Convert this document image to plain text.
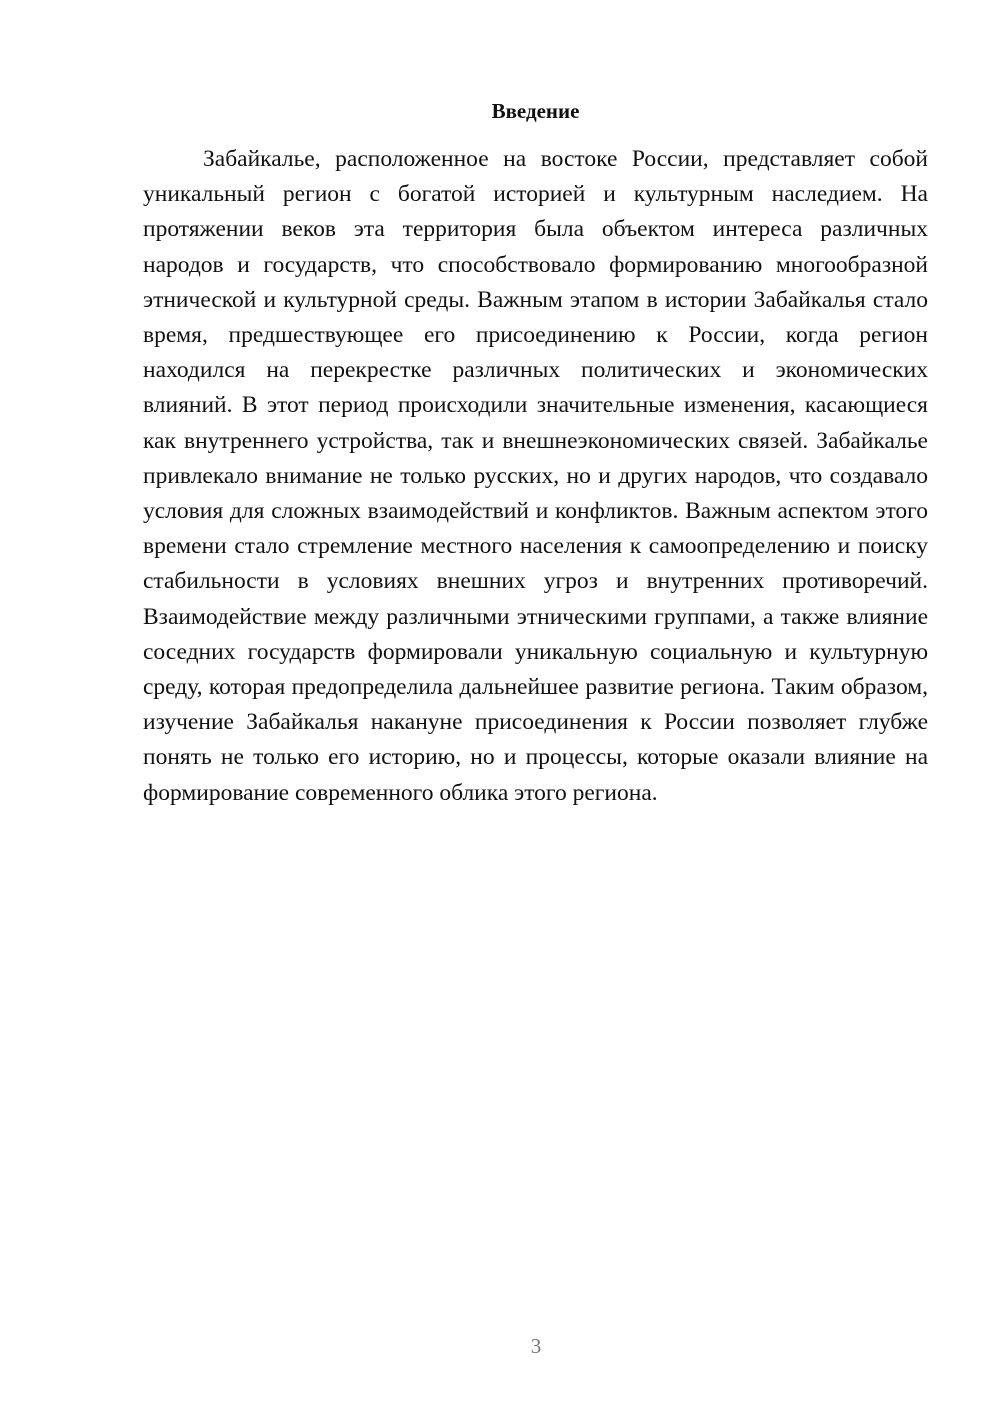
Введение

Забайкалье, расположенное на востоке России, представляет собой уникальный регион с богатой историей и культурным наследием. На протяжении веков эта территория была объектом интереса различных народов и государств, что способствовало формированию многообразной этнической и культурной среды. Важным этапом в истории Забайкалья стало время, предшествующее его присоединению к России, когда регион находился на перекрестке различных политических и экономических влияний. В этот период происходили значительные изменения, касающиеся как внутреннего устройства, так и внешнеэкономических связей. Забайкалье привлекало внимание не только русских, но и других народов, что создавало условия для сложных взаимодействий и конфликтов. Важным аспектом этого времени стало стремление местного населения к самоопределению и поиску стабильности в условиях внешних угроз и внутренних противоречий. Взаимодействие между различными этническими группами, а также влияние соседних государств формировали уникальную социальную и культурную среду, которая предопределила дальнейшее развитие региона. Таким образом, изучение Забайкалья накануне присоединения к России позволяет глубже понять не только его историю, но и процессы, которые оказали влияние на формирование современного облика этого региона.

3
